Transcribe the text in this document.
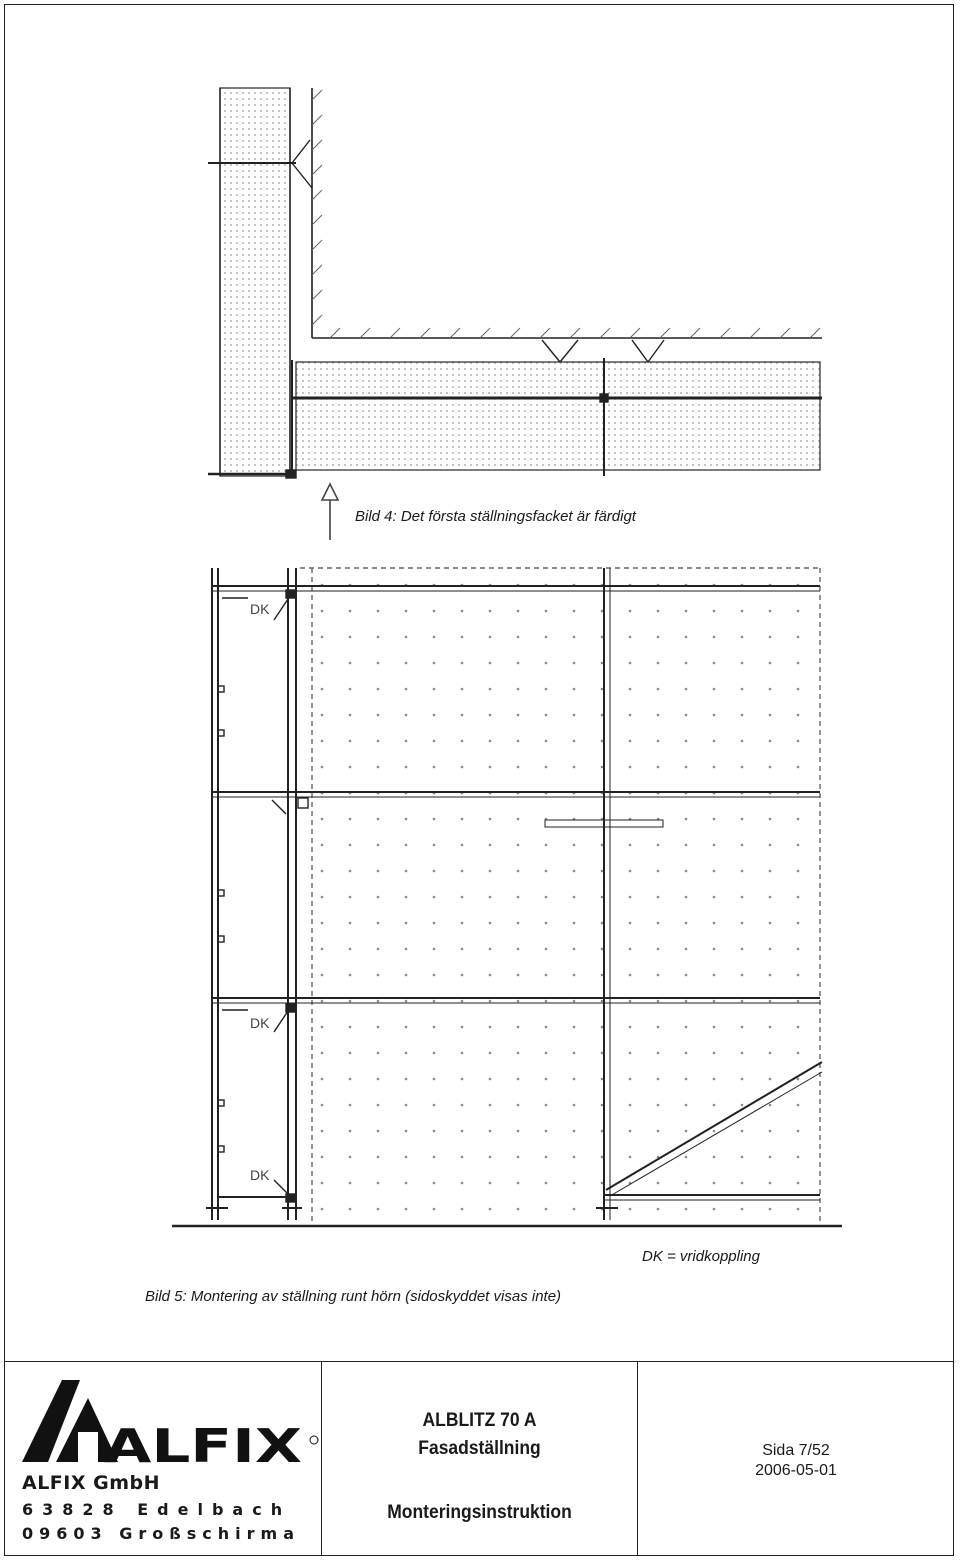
DK
DK
DK
Bild 4: Det första ställningsfacket är färdigt
DK = vridkoppling
Bild 5: Montering av ställning runt hörn (sidoskyddet visas inte)
ALFIX
ALFIX GmbH
63828 Edelbach
09603 Großschirma
ALBLITZ 70 A
Fasadställning
Monteringsinstruktion
Sida 7/52
2006-05-01
